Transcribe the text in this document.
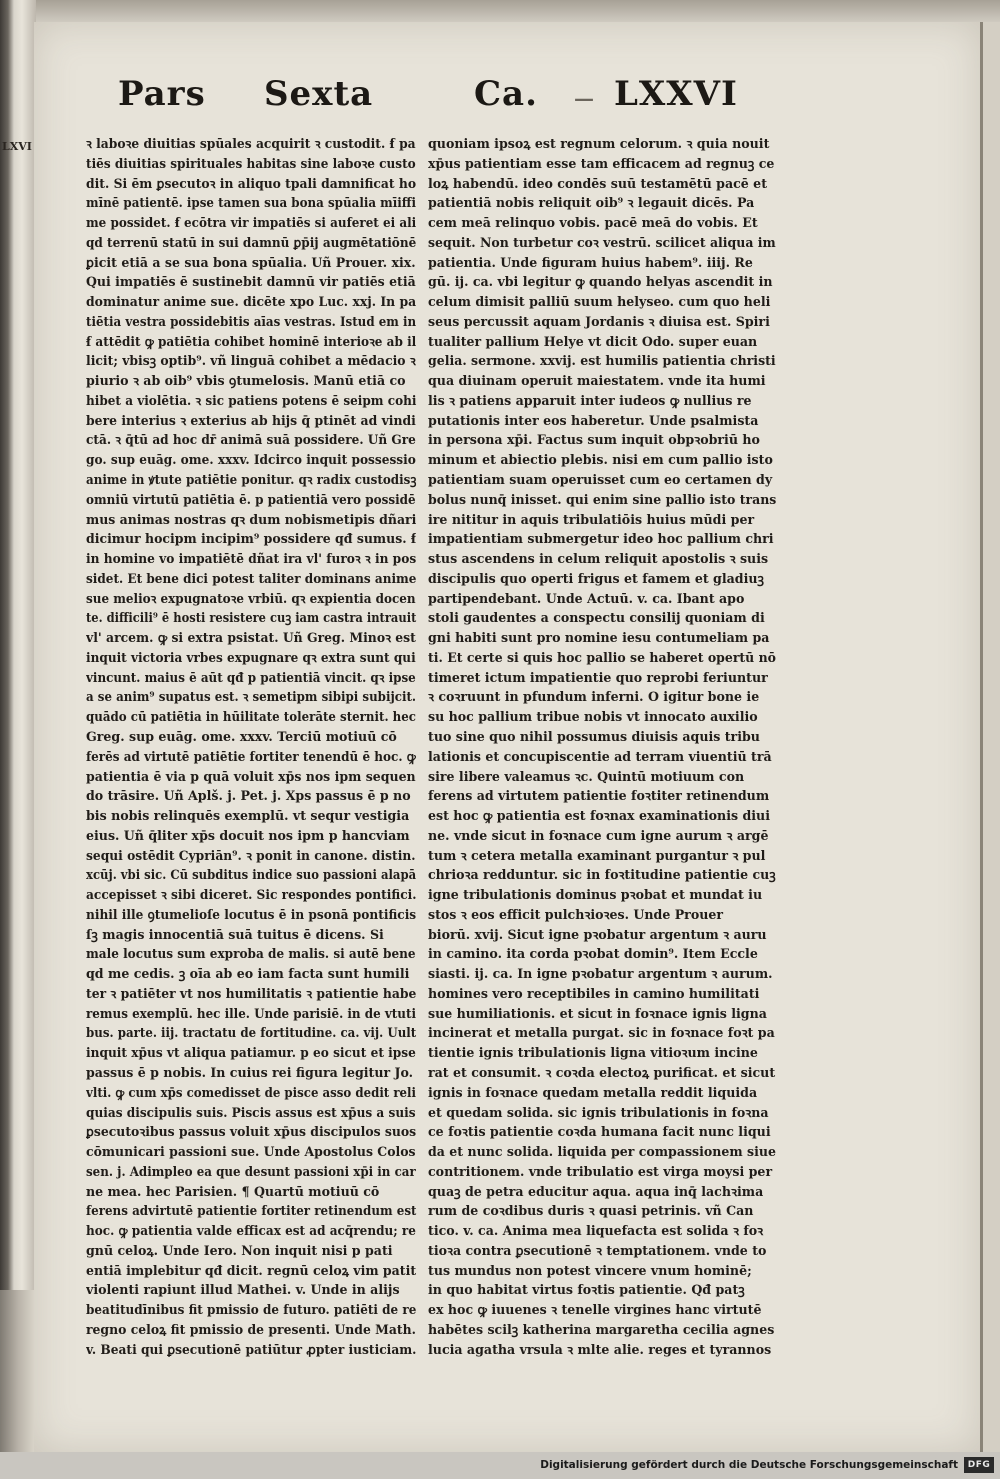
LXVI
Pars Sexta	Ca. — LXXVI
ꝛ laboꝛe diuitias spūales acquirit ꝛ custodit. ẜ pa
tiēs diuitias spirituales habitas sine laboꝛe custo
dit. Si ēm ꝑsecutoꝛ in aliquo tpali damnificat ho
mīnē patientē. ipse tamen sua bona spūalia mīiffi
me possidet. ẜ ecōtra vir impatiēs si auferet ei ali
qd terrenū statū in sui damnū ꝑp̄ij augmētatiōnē
ꝑicit etiā a se sua bona spūalia. Uñ Prouer. xix.
Qui impatiēs ē sustinebit damnū vir patiēs etiā
dominatur anime sue. dicēte xpo Luc. xxj. In pa
tiētia vestra possidebitis aīas vestras. Istud em in
ẜ attēdit ꝙ patiētia cohibet hominē interioꝛe ab il
licit; vbisꝫ optib⁹. vñ linguā cohibet a mēdacio ꝛ
piurio ꝛ ab oib⁹ vbis ꝯtumelosis. Manū etiā co
hibet a violētia. ꝛ sic patiens potens ē seipm cohi
bere interius ꝛ exterius ab hijs q̄ ptinēt ad vindi
ctā. ꝛ q̄tū ad hoc dr̄ animā suā possidere. Uñ Gre
go. sup euāg. ome. xxxv. Idcirco inquit possessio
anime in ꝟtute patiētie ponitur. qꝛ radix custodisꝫ
omniū virtutū patiētia ē. p patientiā vero possidē
mus animas nostras qꝛ dum nobismetipis dñari
dicimur hocipm incipim⁹ possidere qđ sumus. ẜ
in homine vo impatiētē dñat ira vl' furoꝛ ꝛ in pos
sidet. Et bene dici potest taliter dominans anime
sue melioꝛ expugnatoꝛe vrbiū. qꝛ expientia docen
te. difficili⁹ ē hosti resistere cuꝫ iam castra intrauit
vl' arcem. ꝙ si extra psistat. Uñ Greg. Minoꝛ est
inquit victoria vrbes expugnare qꝛ extra sunt qui
vincunt. maius ē aūt qđ p patientiā vincit. qꝛ ipse
a se anim⁹ supatus est. ꝛ semetipm sibipi subijcit.
quādo cū patiētia in hūilitate tolerāte sternit. hec
Greg. sup euāg. ome. xxxv. Terciū motiuū cō
ferēs ad virtutē patiētie fortiter tenendū ē hoc. ꝙ
patientia ē via p quā voluit xp̄s nos ipm sequen
do trāsire. Uñ Aplš. j. Pet. j. Xps passus ē p no
bis nobis relinquēs exemplū. vt sequr vestigia
eius. Uñ q̄liter xp̄s docuit nos ipm p hancviam
sequi ostēdit Cypriān⁹. ꝛ ponit in canone. distin.
xcūj. vbi sic. Cū subditus indice suo passioni alapā
accepisset ꝛ sibi diceret. Sic respondes pontifici.
nihil ille ꝯtumelioſe locutus ē in psonā pontificis
ſꝫ magis innocentiā suā tuitus ē dicens. Si
male locutus sum exproba de malis. si autē bene
qd me cedis. ꝫ oīa ab eo iam facta sunt humili
ter ꝛ patiēter vt nos humilitatis ꝛ patientie habe
remus exemplū. hec ille. Unde parisiē. in de vtuti
bus. parte. iij. tractatu de fortitudine. ca. vij. Uult
inquit xp̄us vt aliqua patiamur. p eo sicut et ipse
passus ē p nobis. In cuius rei figura legitur Jo.
vlti. ꝙ cum xp̄s comedisset de pisce asso dedit reli
quias discipulis suis. Piscis assus est xp̄us a suis
ꝑsecutoꝛibus passus voluit xp̄us discipulos suos
cōmunicari passioni sue. Unde Apostolus Colos
sen. j. Adimpleo ea que desunt passioni xp̄i in car
ne mea. hec Parisien. ¶ Quartū motiuū cō
ferens advirtutē patientie fortiter retinendum est
hoc. ꝙ patientia valde efficax est ad acq̄rendu; re
gnū celoꝝ. Unde Iero. Non inquit nisi p pati
entiā implebitur qđ dicit. regnū celoꝝ vim patit
violenti rapiunt illud Mathei. v. Unde in alijs
beatitudīnibus fit pmissio de futuro. patiēti de re
regno celoꝝ fit pmissio de presenti. Unde Math.
v. Beati qui ꝑsecutionē patiūtur ꝓpter iusticiam.
quoniam ipsoꝝ est regnum celorum. ꝛ quia nouit
xp̄us patientiam esse tam efficacem ad regnuꝫ ce
loꝝ habendū. ideo condēs suū testamētū pacē et
patientiā nobis reliquit oib⁹ ꝛ legauit dicēs. Pa
cem meā relinquo vobis. pacē meā do vobis. Et
sequit. Non turbetur coꝛ vestrū. scilicet aliqua im
patientia. Unde figuram huius habem⁹. iiij. Re
gū. ij. ca. vbi legitur ꝙ quando helyas ascendit in
celum dimisit palliū suum helyseo. cum quo heli
seus percussit aquam Jordanis ꝛ diuisa est. Spiri
tualiter pallium Helye vt dicit Odo. super euan
gelia. sermone. xxvij. est humilis patientia christi
qua diuinam operuit maiestatem. vnde ita humi
lis ꝛ patiens apparuit inter iudeos ꝙ nullius re
putationis inter eos haberetur. Unde psalmista
in persona xp̄i. Factus sum inquit obpꝛobriū ho
minum et abiectio plebis. nisi em cum pallio isto
patientiam suam operuisset cum eo certamen dy
bolus nunq̄ inisset. qui enim sine pallio isto trans
ire nititur in aquis tribulatiōis huius mūdi per
impatientiam submergetur ideo hoc pallium chri
stus ascendens in celum reliquit apostolis ꝛ suis
discipulis quo operti frigus et famem et gladiuꝫ
partipendebant. Unde Actuū. v. ca. Ibant apo
stoli gaudentes a conspectu consilij quoniam di
gni habiti sunt pro nomine iesu contumeliam pa
ti. Et certe si quis hoc pallio se haberet opertū nō
timeret ictum impatientie quo reprobi feriuntur
ꝛ coꝛruunt in pfundum inferni. O igitur bone ie
su hoc pallium tribue nobis vt innocato auxilio
tuo sine quo nihil possumus diuisis aquis tribu
lationis et concupiscentie ad terram viuentiū trā
sire libere valeamus ꝛc. Quintū motiuum con
ferens ad virtutem patientie foꝛtiter retinendum
est hoc ꝙ patientia est foꝛnax examinationis diui
ne. vnde sicut in foꝛnace cum igne aurum ꝛ argē
tum ꝛ cetera metalla examinant purgantur ꝛ pul
chrioꝛa redduntur. sic in foꝛtitudine patientie cuꝫ
igne tribulationis dominus pꝛobat et mundat iu
stos ꝛ eos efficit pulchꝛioꝛes. Unde Prouer
biorū. xvij. Sicut igne pꝛobatur argentum ꝛ auru
in camino. ita corda pꝛobat domin⁹. Item Eccle
siasti. ij. ca. In igne pꝛobatur argentum ꝛ aurum.
homines vero receptibiles in camino humilitati
sue humiliationis. et sicut in foꝛnace ignis ligna
incinerat et metalla purgat. sic in foꝛnace foꝛt pa
tientie ignis tribulationis ligna vitioꝛum incine
rat et consumit. ꝛ coꝛda electoꝝ purificat. et sicut
ignis in foꝛnace quedam metalla reddit liquida
et quedam solida. sic ignis tribulationis in foꝛna
ce foꝛtis patientie coꝛda humana facit nunc liqui
da et nunc solida. liquida per compassionem siue
contritionem. vnde tribulatio est virga moysi per
quaꝫ de petra educitur aqua. aqua inq̄ lachꝛima
rum de coꝛdibus duris ꝛ quasi petrinis. vñ Can
tico. v. ca. Anima mea liquefacta est solida ꝛ foꝛ
tioꝛa contra ꝑsecutionē ꝛ temptationem. vnde to
tus mundus non potest vincere vnum hominē;
in quo habitat virtus foꝛtis patientie. Qđ patꝫ
ex hoc ꝙ iuuenes ꝛ tenelle virgines hanc virtutē
habētes scilꝫ katherina margaretha cecilia agnes
lucia agatha vrsula ꝛ mlte alie. reges et tyrannos
Digitalisierung gefördert durch die Deutsche Forschungsgemeinschaft	DFG
